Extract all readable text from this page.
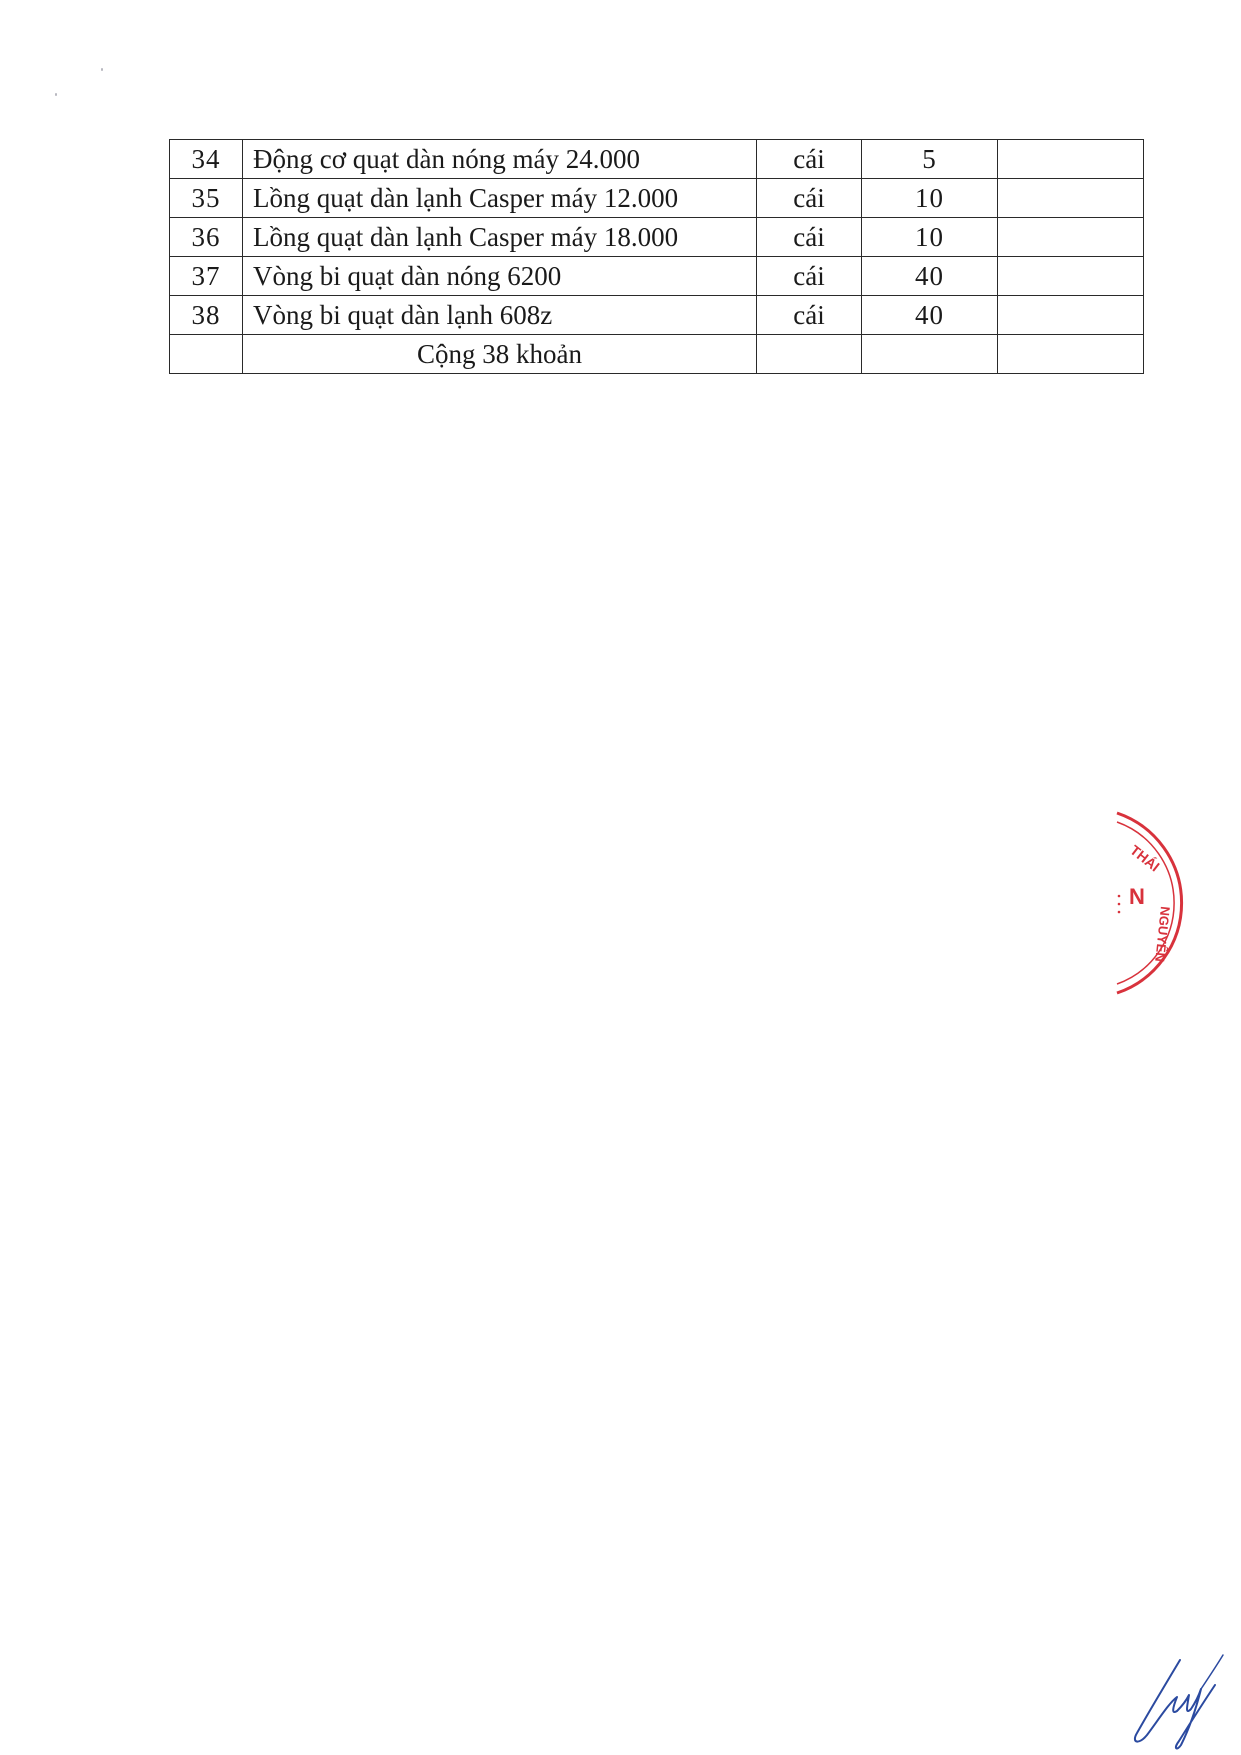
34	Động cơ quạt dàn nóng máy 24.000	cái	5	
35	Lồng quạt dàn lạnh Casper máy 12.000	cái	10	
36	Lồng quạt dàn lạnh Casper máy 18.000	cái	10	
37	Vòng bi quạt dàn nóng 6200	cái	40	
38	Vòng bi quạt dàn lạnh 608z	cái	40	
	Cộng 38 khoản			
THÁI
N
NGUYÊN
